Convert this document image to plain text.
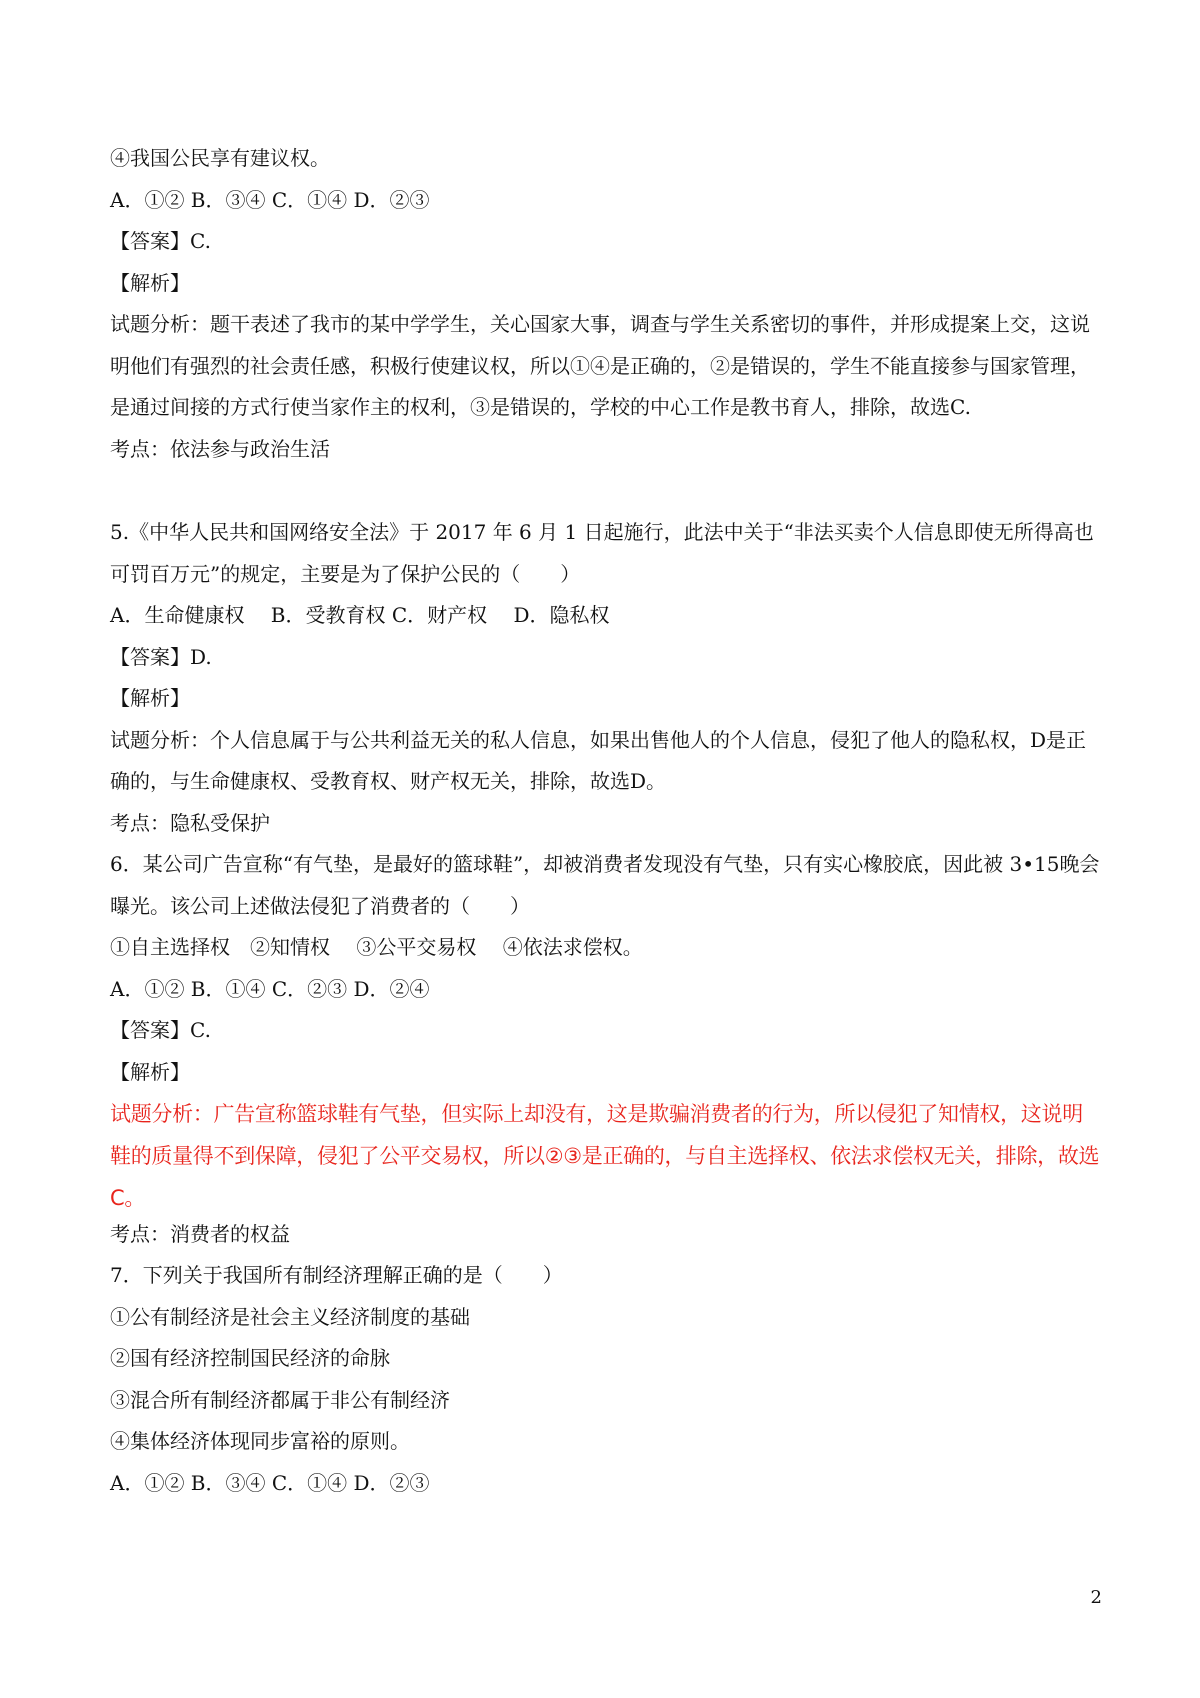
④我国公民享有建议权。
A．①② B．③④ C．①④ D．②③
【答案】C.
【解析】
试题分析：题干表述了我市的某中学学生，关心国家大事，调查与学生关系密切的事件，并形成提案上交，这说明他们有强烈的社会责任感，积极行使建议权，所以①④是正确的，②是错误的，学生不能直接参与国家管理，是通过间接的方式行使当家作主的权利，③是错误的，学校的中心工作是教书育人，排除，故选C.
考点：依法参与政治生活
5.《中华人民共和国网络安全法》于 2017 年 6 月 1 日起施行，此法中关于“非法买卖个人信息即使无所得高也可罚百万元”的规定，主要是为了保护公民的（　　）
A．生命健康权　 B．受教育权 C．财产权　 D．隐私权
【答案】D.
【解析】
试题分析：个人信息属于与公共利益无关的私人信息，如果出售他人的个人信息，侵犯了他人的隐私权，D是正确的，与生命健康权、受教育权、财产权无关，排除，故选D。
考点：隐私受保护
6．某公司广告宣称“有气垫，是最好的篮球鞋”，却被消费者发现没有气垫，只有实心橡胶底，因此被 3•15晚会曝光。该公司上述做法侵犯了消费者的（　　）
①自主选择权　②知情权　 ③公平交易权　 ④依法求偿权。
A．①② B．①④ C．②③ D．②④
【答案】C.
【解析】
试题分析：广告宣称篮球鞋有气垫，但实际上却没有，这是欺骗消费者的行为，所以侵犯了知情权，这说明鞋的质量得不到保障，侵犯了公平交易权，所以②③是正确的，与自主选择权、依法求偿权无关，排除，故选 C。
考点：消费者的权益
7．下列关于我国所有制经济理解正确的是（　　）
①公有制经济是社会主义经济制度的基础
②国有经济控制国民经济的命脉
③混合所有制经济都属于非公有制经济
④集体经济体现同步富裕的原则。
A．①② B．③④ C．①④ D．②③
2
